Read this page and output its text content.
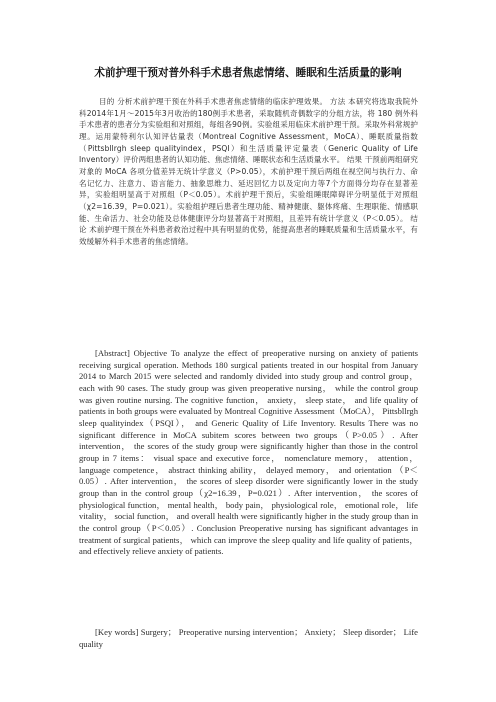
术前护理干预对普外科手术患者焦虑情绪、睡眠和生活质量的影响

目的 分析术前护理干预在外科手术患者焦虑情绪的临床护理效果。 方法 本研究将选取我院外科2014年1月～2015年3月收治的180例手术患者，采取随机奇偶数字的分组方法，将 180 例外科手术患者的患者分为实验组和对照组，每组各90例。实验组采用临床术前护理干预。采取外科常规护理。运用蒙特利尔认知评估量表（Montreal Cognitive Assessment，MoCA）、睡眠质量指数（Pittsbllrgh sleep qualityindex，PSQI）和生活质量评定量表（Generic Quality of Life Inventory）评价两组患者的认知功能、焦虑情绪、睡眠状态和生活质量水平。 结果 干预前两组研究对象的 MoCA 各项分值差异无统计学意义（P>0.05），术前护理干预后两组在视空间与执行力、命名记忆力、注意力、语言能力、抽象思维力、延迟回忆力以及定向力等7个方面得分均存在显著差异，实验组明显高于对照组（P＜0.05）。术前护理干预后，实验组睡眠障碍评分明显低于对照组（χ2=16.39，P=0.021）。实验组护理后患者生理功能、精神健康、躯体疼痛、生理职能、情感职能、生命活力、社会功能及总体健康评分均显著高于对照组，且差异有统计学意义（P＜0.05）。 结论 术前护理干预在外科患者救治过程中具有明显的优势，能提高患者的睡眠质量和生活质量水平，有效缓解外科手术患者的焦虑情绪。

[Abstract] Objective To analyze the effect of preoperative nursing on anxiety of patients receiving surgical operation. Methods 180 surgical patients treated in our hospital from January 2014 to March 2015 were selected and randomly divided into study group and control group， each with 90 cases. The study group was given preoperative nursing， while the control group was given routine nursing. The cognitive function， anxiety， sleep state， and life quality of patients in both groups were evaluated by Montreal Cognitive Assessment（MoCA）， Pittsbllrgh sleep qualityindex（PSQI）， and Generic Quality of Life Inventory. Results There was no significant difference in MoCA subitem scores between two groups（P>0.05）. After intervention， the scores of the study group were significantly higher than those in the control group in 7 items： visual space and executive force， nomenclature memory， attention， language competence， abstract thinking ability， delayed memory， and orientation （P＜0.05）. After intervention， the scores of sleep disorder were significantly lower in the study group than in the control group（χ2=16.39，P=0.021）. After intervention， the scores of physiological function， mental health， body pain， physiological role， emotional role， life vitality， social function， and overall health were significantly higher in the study group than in the control group（P＜0.05）. Conclusion Preoperative nursing has significant advantages in treatment of surgical patients， which can improve the sleep quality and life quality of patients， and effectively relieve anxiety of patients.

[Key words] Surgery； Preoperative nursing intervention； Anxiety； Sleep disorder； Life quality
